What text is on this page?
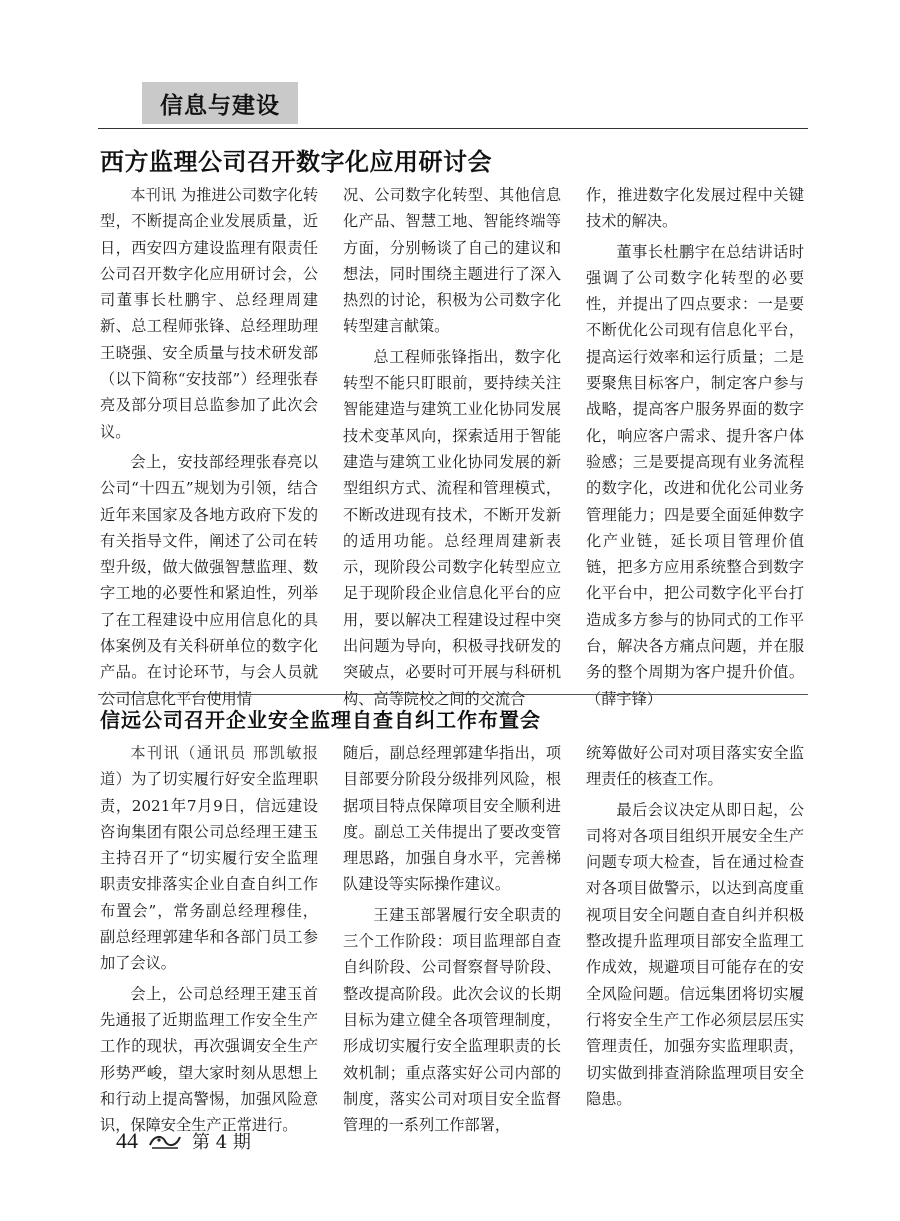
信息与建设
西方监理公司召开数字化应用研讨会

本刊讯 为推进公司数字化转型，不断提高企业发展质量，近日，西安四方建设监理有限责任公司召开数字化应用研讨会，公司董事长杜鹏宇、总经理周建新、总工程师张锋、总经理助理王晓强、安全质量与技术研发部（以下简称“安技部”）经理张春亮及部分项目总监参加了此次会议。

会上，安技部经理张春亮以公司“十四五”规划为引领，结合近年来国家及各地方政府下发的有关指导文件，阐述了公司在转型升级，做大做强智慧监理、数字工地的必要性和紧迫性，列举了在工程建设中应用信息化的具体案例及有关科研单位的数字化产品。在讨论环节，与会人员就公司信息化平台使用情

况、公司数字化转型、其他信息化产品、智慧工地、智能终端等方面，分别畅谈了自己的建议和想法，同时围绕主题进行了深入热烈的讨论，积极为公司数字化转型建言献策。

总工程师张锋指出，数字化转型不能只盯眼前，要持续关注智能建造与建筑工业化协同发展技术变革风向，探索适用于智能建造与建筑工业化协同发展的新型组织方式、流程和管理模式，不断改进现有技术，不断开发新的适用功能。总经理周建新表示，现阶段公司数字化转型应立足于现阶段企业信息化平台的应用，要以解决工程建设过程中突出问题为导向，积极寻找研发的突破点，必要时可开展与科研机构、高等院校之间的交流合

作，推进数字化发展过程中关键技术的解决。

董事长杜鹏宇在总结讲话时强调了公司数字化转型的必要性，并提出了四点要求：一是要不断优化公司现有信息化平台，提高运行效率和运行质量；二是要聚焦目标客户，制定客户参与战略，提高客户服务界面的数字化，响应客户需求、提升客户体验感；三是要提高现有业务流程的数字化，改进和优化公司业务管理能力；四是要全面延伸数字化产业链，延长项目管理价值链，把多方应用系统整合到数字化平台中，把公司数字化平台打造成多方参与的协同式的工作平台，解决各方痛点问题，并在服务的整个周期为客户提升价值。（薛宇锋）

信远公司召开企业安全监理自查自纠工作布置会

本刊讯（通讯员 邢凯敏报道）为了切实履行好安全监理职责，2021年7月9日，信远建设咨询集团有限公司总经理王建玉主持召开了“切实履行安全监理职责安排落实企业自查自纠工作布置会”，常务副总经理穆佳，副总经理郭建华和各部门员工参加了会议。

会上，公司总经理王建玉首先通报了近期监理工作安全生产工作的现状，再次强调安全生产形势严峻，望大家时刻从思想上和行动上提高警惕，加强风险意识，保障安全生产正常进行。

随后，副总经理郭建华指出，项目部要分阶段分级排列风险，根据项目特点保障项目安全顺利进度。副总工关伟提出了要改变管理思路，加强自身水平，完善梯队建设等实际操作建议。

王建玉部署履行安全职责的三个工作阶段：项目监理部自查自纠阶段、公司督察督导阶段、整改提高阶段。此次会议的长期目标为建立健全各项管理制度，形成切实履行安全监理职责的长效机制；重点落实好公司内部的制度，落实公司对项目安全监督管理的一系列工作部署，

统筹做好公司对项目落实安全监理责任的核查工作。

最后会议决定从即日起，公司将对各项目组织开展安全生产问题专项大检查，旨在通过检查对各项目做警示，以达到高度重视项目安全问题自查自纠并积极整改提升监理项目部安全监理工作成效，规避项目可能存在的安全风险问题。信远集团将切实履行将安全生产工作必须层层压实管理责任，加强夯实监理职责，切实做到排查消除监理项目安全隐患。

44	第 4 期
